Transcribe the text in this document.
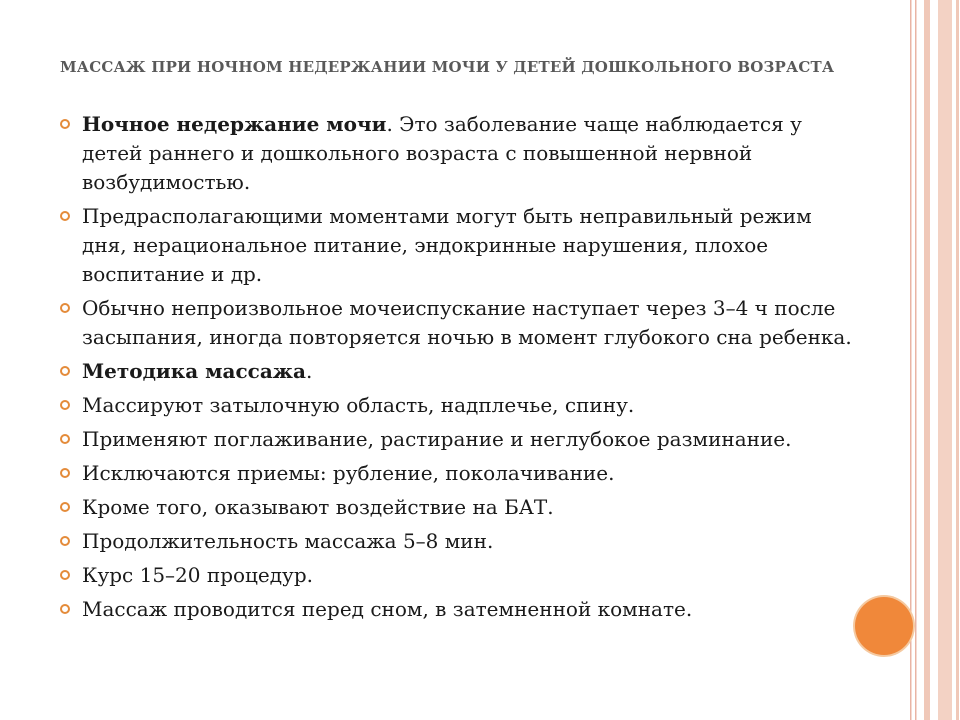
МАССАЖ ПРИ НОЧНОМ НЕДЕРЖАНИИ МОЧИ У ДЕТЕЙ ДОШКОЛЬНОГО ВОЗРАСТА
Ночное недержание мочи. Это заболевание чаще наблюдается у детей раннего и дошкольного возраста с повышенной нервной возбудимостью.
Предрасполагающими моментами могут быть неправильный режим дня, нерациональное питание, эндокринные нарушения, плохое воспитание и др.
Обычно непроизвольное мочеиспускание наступает через 3–4 ч после засыпания, иногда повторяется ночью в момент глубокого сна ребенка.
Методика массажа.
Массируют затылочную область, надплечье, спину.
Применяют поглаживание, растирание и неглубокое разминание.
Исключаются приемы: рубление, поколачивание.
Кроме того, оказывают воздействие на БАТ.
Продолжительность массажа 5–8 мин.
Курс 15–20 процедур.
Массаж проводится перед сном, в затемненной комнате.
